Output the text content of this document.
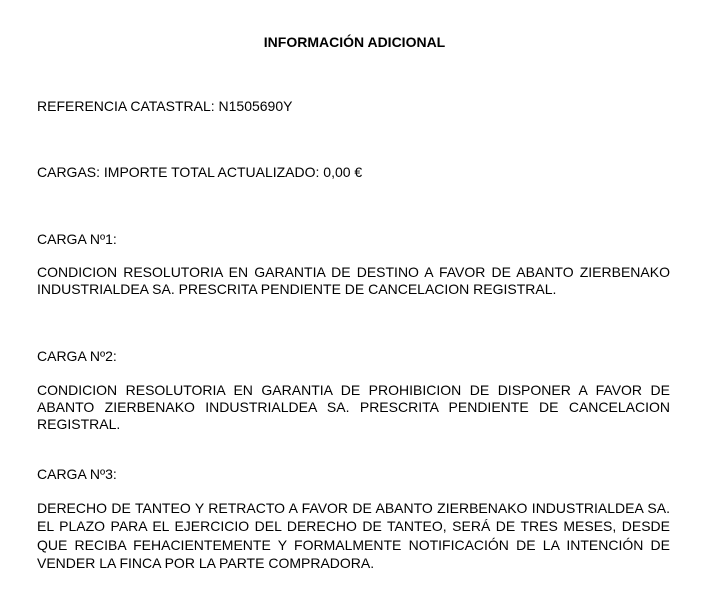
INFORMACIÓN ADICIONAL

REFERENCIA CATASTRAL: N1505690Y

CARGAS: IMPORTE TOTAL ACTUALIZADO: 0,00 €

CARGA Nº1:

CONDICION RESOLUTORIA EN GARANTIA DE DESTINO A FAVOR DE ABANTO ZIERBENAKO INDUSTRIALDEA SA. PRESCRITA PENDIENTE DE CANCELACION REGISTRAL.

CARGA Nº2:

CONDICION RESOLUTORIA EN GARANTIA DE PROHIBICION DE DISPONER A FAVOR DE ABANTO ZIERBENAKO INDUSTRIALDEA SA. PRESCRITA PENDIENTE DE CANCELACION REGISTRAL.

CARGA Nº3:

DERECHO DE TANTEO Y RETRACTO A FAVOR DE ABANTO ZIERBENAKO INDUSTRIALDEA SA. EL PLAZO PARA EL EJERCICIO DEL DERECHO DE TANTEO, SERÁ DE TRES MESES, DESDE QUE RECIBA FEHACIENTEMENTE Y FORMALMENTE NOTIFICACIÓN DE LA INTENCIÓN DE VENDER LA FINCA POR LA PARTE COMPRADORA.
